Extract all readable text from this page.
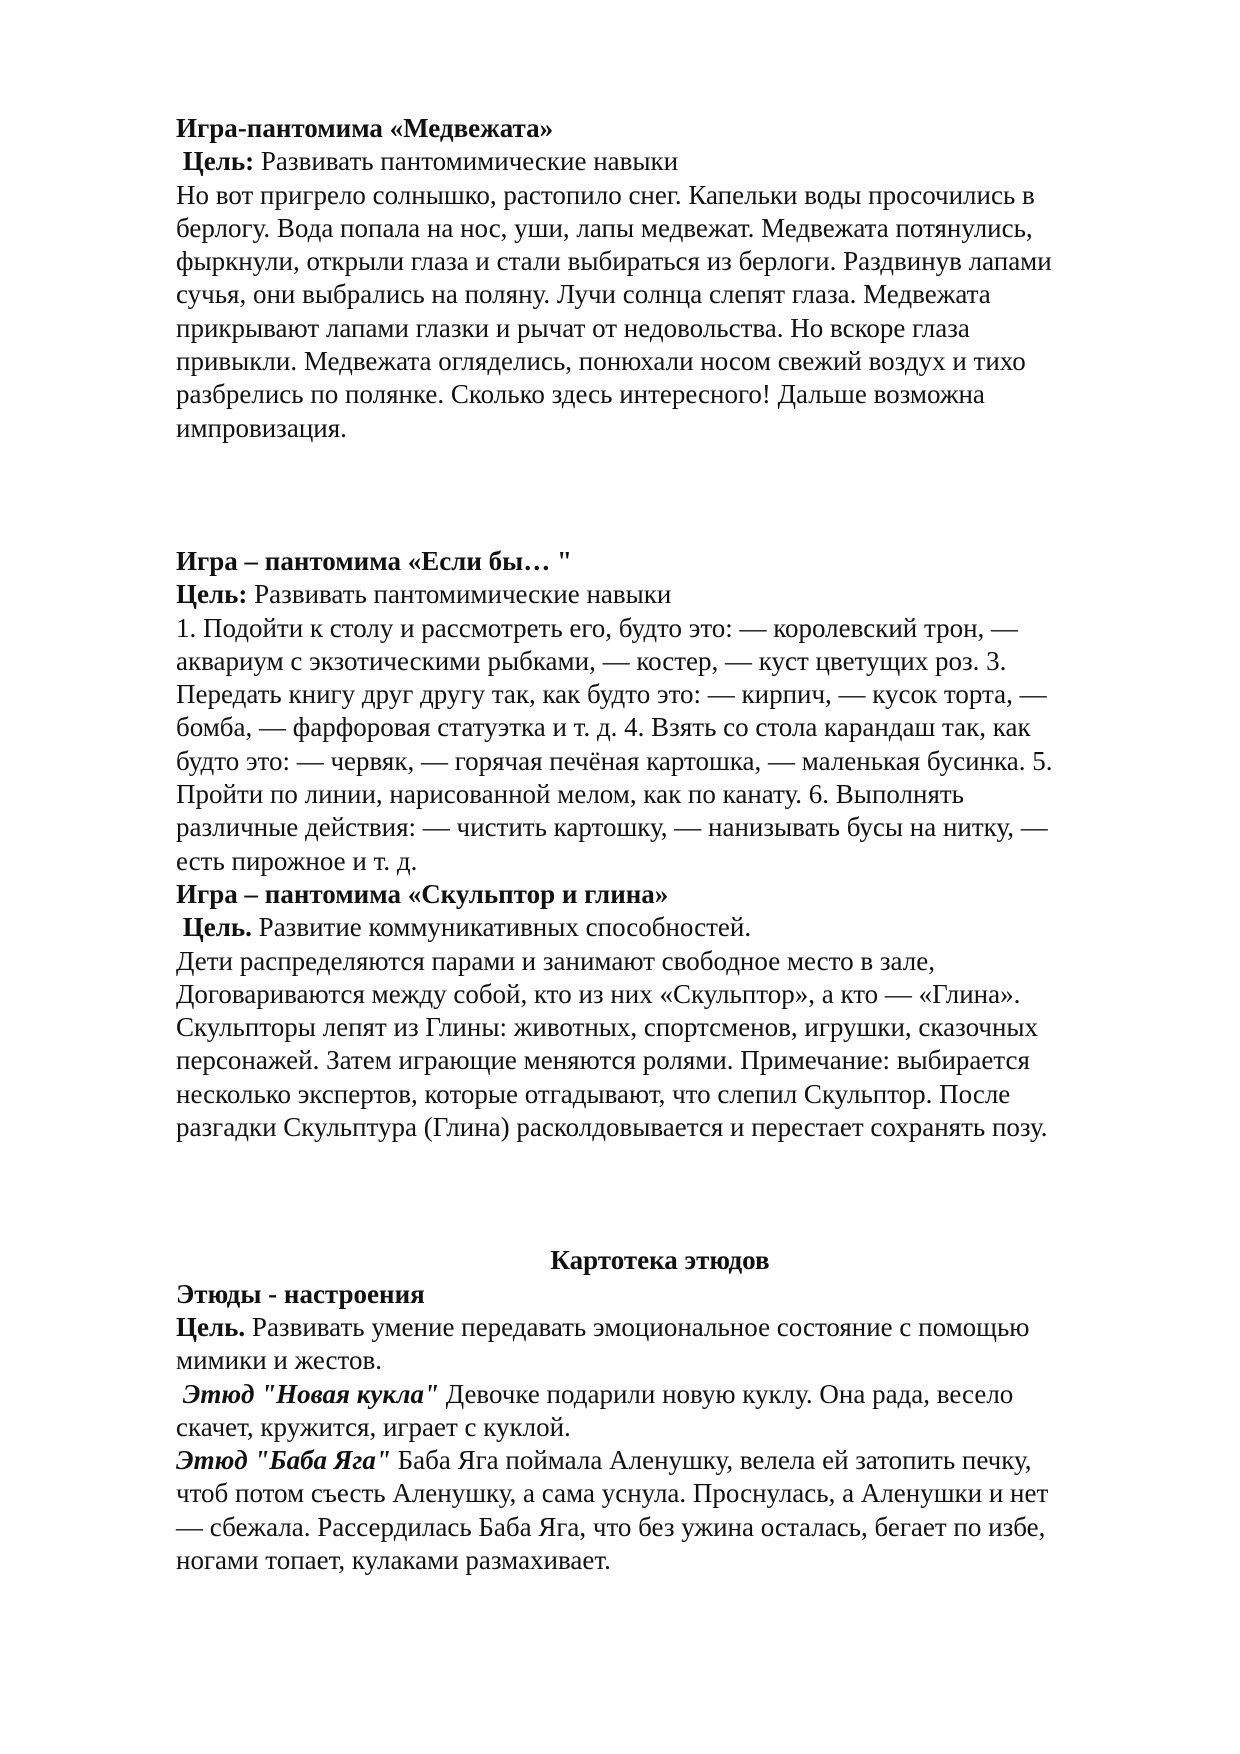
Игра-пантомима «Медвежата»
Цель: Развивать пантомимические навыки
Но вот пригрело солнышко, растопило снег. Капельки воды просочились в
берлогу. Вода попала на нос, уши, лапы медвежат. Медвежата потянулись,
фыркнули, открыли глаза и стали выбираться из берлоги. Раздвинув лапами
сучья, они выбрались на поляну. Лучи солнца слепят глаза. Медвежата
прикрывают лапами глазки и рычат от недовольства. Но вскоре глаза
привыкли. Медвежата огляделись, понюхали носом свежий воздух и тихо
разбрелись по полянке. Сколько здесь интересного! Дальше возможна
импровизация.
Игра – пантомима «Если бы… "
Цель: Развивать пантомимические навыки
1. Подойти к столу и рассмотреть его, будто это: — королевский трон, —
аквариум с экзотическими рыбками, — костер, — куст цветущих роз. 3.
Передать книгу друг другу так, как будто это: — кирпич, — кусок торта, —
бомба, — фарфоровая статуэтка и т. д. 4. Взять со стола карандаш так, как
будто это: — червяк, — горячая печёная картошка, — маленькая бусинка. 5.
Пройти по линии, нарисованной мелом, как по канату. 6. Выполнять
различные действия: — чистить картошку, — нанизывать бусы на нитку, —
есть пирожное и т. д.
Игра – пантомима «Скульптор и глина»
Цель. Развитие коммуникативных способностей.
Дети распределяются парами и занимают свободное место в зале,
Договариваются между собой, кто из них «Скульптор», а кто — «Глина».
Скульпторы лепят из Глины: животных, спортсменов, игрушки, сказочных
персонажей. Затем играющие меняются ролями. Примечание: выбирается
несколько экспертов, которые отгадывают, что слепил Скульптор. После
разгадки Скульптура (Глина) расколдовывается и перестает сохранять позу.
Картотека этюдов
Этюды - настроения
Цель. Развивать умение передавать эмоциональное состояние с помощью
мимики и жестов.
Этюд "Новая кукла" Девочке подарили новую куклу. Она рада, весело
скачет, кружится, играет с куклой.
Этюд "Баба Яга" Баба Яга поймала Аленушку, велела ей затопить печку,
чтоб потом съесть Аленушку, а сама уснула. Проснулась, а Аленушки и нет
— сбежала. Рассердилась Баба Яга, что без ужина осталась, бегает по избе,
ногами топает, кулаками размахивает.
